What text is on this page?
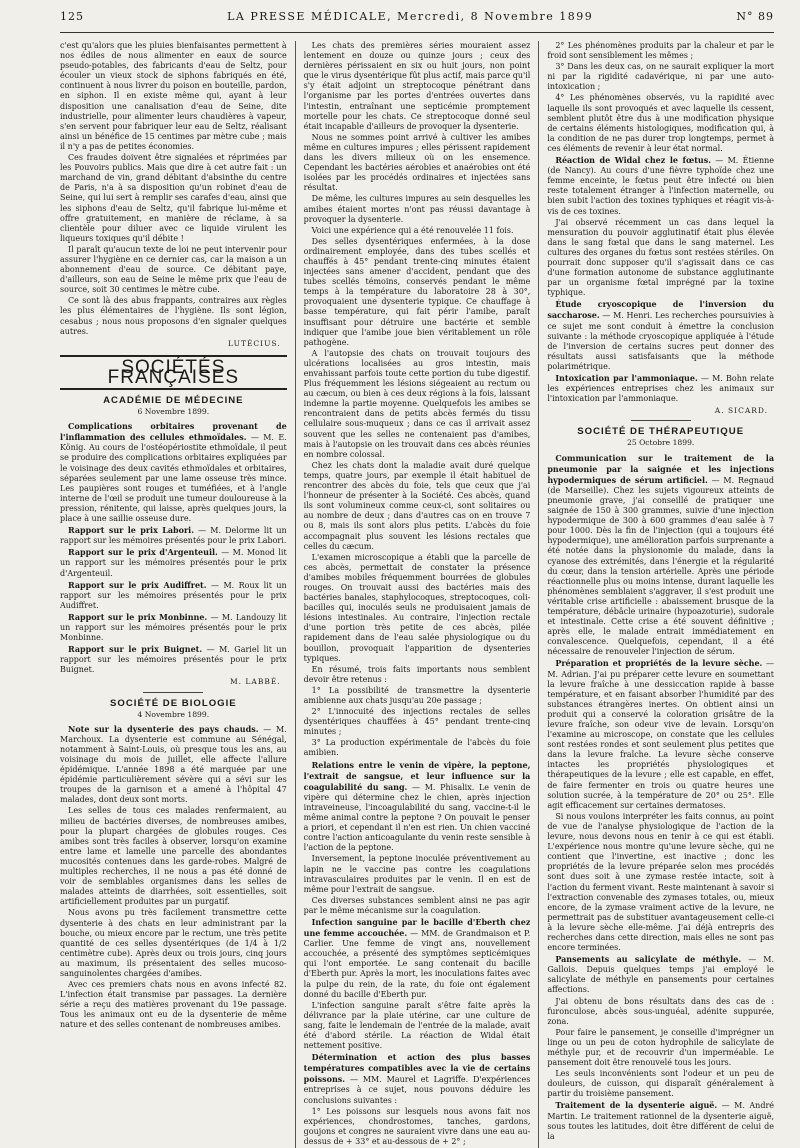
125	LA PRESSE MÉDICALE, Mercredi, 8 Novembre 1899	N° 89

c'est qu'alors que les pluies bienfaisantes permettent à nos édiles de nous alimenter en eaux de source pseudo-potables, des fabricants d'eau de Seltz, pour écouler un vieux stock de siphons fabriqués en été, continuent à nous livrer du poison en bouteille, pardon, en siphon. Il en existe même qui, ayant à leur disposition une canalisation d'eau de Seine, dite industrielle, pour alimenter leurs chaudières à vapeur, s'en servent pour fabriquer leur eau de Seltz, réalisant ainsi un bénéfice de 15 centimes par mètre cube ; mais il n'y a pas de petites économies.

Ces fraudes doivent être signalées et réprimées par les Pouvoirs publics. Mais que dire à cet autre fait : un marchand de vin, grand débitant d'absinthe du centre de Paris, n'a à sa disposition qu'un robinet d'eau de Seine, qui lui sert à remplir ses carafes d'eau, ainsi que les siphons d'eau de Seltz, qu'il fabrique lui-même et offre gratuitement, en manière de réclame, à sa clientèle pour diluer avec ce liquide virulent les liqueurs toxiques qu'il débite !

Il paraît qu'aucun texte de loi ne peut intervenir pour assurer l'hygiène en ce dernier cas, car la maison a un abonnement d'eau de source. Ce débitant paye, d'ailleurs, son eau de Seine le même prix que l'eau de source, soit 30 centimes le mètre cube.

Ce sont là des abus frappants, contraires aux règles les plus élémentaires de l'hygiène. Ils sont légion, cesabus ; nous nous proposons d'en signaler quelques autres.

LUTÉCIUS.

SOCIÉTÉS FRANÇAISES
ACADÉMIE DE MÉDECINE
6 Novembre 1899.

Complications orbitaires provenant de l'inflammation des cellules ethmoïdales. — M. E. König. Au cours de l'ostéopériostite ethmoïdale, il peut se produire des complications orbitaires expliquées par le voisinage des deux cavités ethmoïdales et orbitaires, séparées seulement par une lame osseuse très mince. Les paupières sont rouges et tuméfiées, et à l'angle interne de l'œil se produit une tumeur douloureuse à la pression, rénitente, qui laisse, après quelques jours, la place à une saillie osseuse dure.

Rapport sur le prix Labori. — M. Delorme lit un rapport sur les mémoires présentés pour le prix Labori.

Rapport sur le prix d'Argenteuil. — M. Monod lit un rapport sur les mémoires présentés pour le prix d'Argenteuil.

Rapport sur le prix Audiffret. — M. Roux lit un rapport sur les mémoires présentés pour le prix Audiffret.

Rapport sur le prix Monbinne. — M. Landouzy lit un rapport sur les mémoires présentés pour le prix Monbinne.

Rapport sur le prix Buignet. — M. Gariel lit un rapport sur les mémoires présentés pour le prix Buignet.

M. LABBÉ.

SOCIÉTÉ DE BIOLOGIE
4 Novembre 1899.

Note sur la dysenterie des pays chauds. — M. Marchoux. La dysenterie est commune au Sénégal, notamment à Saint-Louis, où presque tous les ans, au voisinage du mois de juillet, elle affecte l'allure épidémique. L'année 1898 a été marquée par une épidémie particulièrement sévère qui a sévi sur les troupes de la garnison et a amené à l'hôpital 47 malades, dont deux sont morts.

Les selles de tous ces malades renfermaient, au milieu de bactéries diverses, de nombreuses amibes, pour la plupart chargées de globules rouges. Ces amibes sont très faciles à observer, lorsqu'on examine entre lame et lamelle une parcelle des abondantes mucosités contenues dans les garde-robes. Malgré de multiples recherches, il ne nous a pas été donné de voir de semblables organismes dans les selles de malades atteints de diarrhées, soit essentielles, soit artificiellement produites par un purgatif.

Nous avons pu très facilement transmettre cette dysenterie à des chats en leur administrant par la bouche, ou mieux encore par le rectum, une très petite quantité de ces selles dysentériques (de 1/4 à 1/2 centimètre cube). Après deux ou trois jours, cinq jours au maximum, ils présentaient des selles mucoso-sanguinolentes chargées d'amibes.

Avec ces premiers chats nous en avons infecté 82. L'infection était transmise par passages. La dernière série a reçu des matières provenant du 19e passage. Tous les animaux ont eu de la dysenterie de même nature et des selles contenant de nombreuses amibes.

Les chats des premières séries mouraient assez lentement en douze ou quinze jours ; ceux des dernières périssaient en six ou huit jours, non point que le virus dysentérique fût plus actif, mais parce qu'il s'y était adjoint un streptocoque pénétrant dans l'organisme par les portes d'entrées ouvertes dans l'intestin, entraînant une septicémie promptement mortelle pour les chats. Ce streptocoque donné seul était incapable d'ailleurs de provoquer la dysenterie.

Nous ne sommes point arrivé à cultiver les amibes même en cultures impures ; elles périssent rapidement dans les divers milieux où on les ensemence. Cependant les bactéries aérobies et anaérobies ont été isolées par les procédés ordinaires et injectées sans résultat.

De même, les cultures impures au sein desquelles les amibes étaient mortes n'ont pas réussi davantage à provoquer la dysenterie.

Voici une expérience qui a été renouvelée 11 fois.

Des selles dysentériques enfermées, à la dose ordinairement employée, dans des tubes scellés et chauffés à 45° pendant trente-cinq minutes étaient injectées sans amener d'accident, pendant que des tubes scellés témoins, conservés pendant le même temps à la température du laboratoire 28 à 30°, provoquaient une dysenterie typique. Ce chauffage à basse température, qui fait périr l'amibe, paraît insuffisant pour détruire une bactérie et semble indiquer que l'amibe joue bien véritablement un rôle pathogène.

A l'autopsie des chats on trouvait toujours des ulcérations localisées au gros intestin, mais envahissant parfois toute cette portion du tube digestif. Plus fréquemment les lésions siégeaient au rectum ou au cæcum, ou bien à ces deux régions à la fois, laissant indemne la partie moyenne. Quelquefois les amibes se rencontraient dans de petits abcès fermés du tissu cellulaire sous-muqueux ; dans ce cas il arrivait assez souvent que les selles ne contenaient pas d'amibes, mais à l'autopsie on les trouvait dans ces abcès réunies en nombre colossal.

Chez les chats dont la maladie avait duré quelque temps, quatre jours, par exemple il était habituel de rencontrer des abcès du foie, tels que ceux que j'ai l'honneur de présenter à la Société. Ces abcès, quand ils sont volumineux comme ceux-ci, sont solitaires ou au nombre de deux ; dans d'autres cas on en trouve 7 ou 8, mais ils sont alors plus petits. L'abcès du foie accompagnait plus souvent les lésions rectales que celles du cæcum.

L'examen microscopique a établi que la parcelle de ces abcès, permettait de constater la présence d'amibes mobiles fréquemment bourrées de globules rouges. On trouvait aussi des bactéries mais des bactéries banales, staphylocoques, streptocoques, coli-bacilles qui, inoculés seuls ne produisaient jamais de lésions intestinales. Au contraire, l'injection rectale d'une portion très petite de ces abcès, pilée rapidement dans de l'eau salée physiologique ou du bouillon, provoquait l'apparition de dysenteries typiques.

En résumé, trois faits importants nous semblent devoir être retenus :

1° La possibilité de transmettre la dysenterie amibienne aux chats jusqu'au 20e passage ;

2° L'innocuité des injections rectales de selles dysentériques chauffées à 45° pendant trente-cinq minutes ;

3° La production expérimentale de l'abcès du foie amibien.

Relations entre le venin de vipère, la peptone, l'extrait de sangsue, et leur influence sur la coagulabilité du sang. — M. Phisalix. Le venin de vipère qui détermine chez le chien, après injection intraveineuse, l'incoagulabilité du sang, vaccine-t-il le même animal contre la peptone ? On pouvait le penser a priori, et cependant il n'en est rien. Un chien vacciné contre l'action anticoagulante du venin reste sensible à l'action de la peptone.

Inversement, la peptone inoculée préventivement au lapin ne le vaccine pas contre les coagulations intravasculaires produites par le venin. Il en est de même pour l'extrait de sangsue.

Ces diverses substances semblent ainsi ne pas agir par le même mécanisme sur la coagulation.

Infection sanguine par le bacille d'Eberth chez une femme accouchée. — MM. de Grandmaison et P. Carlier. Une femme de vingt ans, nouvellement accouchée, a présenté des symptômes septicémiques qui l'ont emportée. Le sang contenait du bacille d'Eberth pur. Après la mort, les inoculations faites avec la pulpe du rein, de la rate, du foie ont également donné du bacille d'Eberth pur.

L'infection sanguine paraît s'être faite après la délivrance par la plaie utérine, car une culture de sang, faite le lendemain de l'entrée de la malade, avait été d'abord stérile. La réaction de Widal était nettement positive.

Détermination et action des plus basses températures compatibles avec la vie de certains poissons. — MM. Maurel et Lagriffe. D'expériences entreprises à ce sujet, nous pouvons déduire les conclusions suivantes :

1° Les poissons sur lesquels nous avons fait nos expériences, chondrostomes, tanches, gardons, goujons et congres ne sauraient vivre dans une eau au-dessus de + 33° et au-dessous de + 2° ;

2° Les phénomènes produits par la chaleur et par le froid sont sensiblement les mêmes ;

3° Dans les deux cas, on ne saurait expliquer la mort ni par la rigidité cadavérique, ni par une auto-intoxication ;

4° Les phénomènes observés, vu la rapidité avec laquelle ils sont provoqués et avec laquelle ils cessent, semblent plutôt être dus à une modification physique de certains éléments histologiques, modification qui, à la condition de ne pas durer trop longtemps, permet à ces éléments de revenir à leur état normal.

Réaction de Widal chez le fœtus. — M. Étienne (de Nancy). Au cours d'une fièvre typhoïde chez une femme enceinte, le fœtus peut être infecté ou bien reste totalement étranger à l'infection maternelle, ou bien subit l'action des toxines typhiques et réagit vis-à-vis de ces toxines.

J'ai observé récemment un cas dans lequel la mensuration du pouvoir agglutinatif était plus élevée dans le sang fœtal que dans le sang maternel. Les cultures des organes du fœtus sont restées stériles. On pourrait donc supposer qu'il s'agissait dans ce cas d'une formation autonome de substance agglutinante par un organisme fœtal imprégné par la toxine typhique.

Étude cryoscopique de l'inversion du saccharose. — M. Henri. Les recherches poursuivies à ce sujet me sont conduit à émettre la conclusion suivante : la méthode cryoscopique appliquée à l'étude de l'inversion de certains sucres peut donner des résultats aussi satisfaisants que la méthode polarimétrique.

Intoxication par l'ammoniaque. — M. Bohn relate les expériences entreprises chez les animaux sur l'intoxication par l'ammoniaque.

A. SICARD.

SOCIÉTÉ DE THÉRAPEUTIQUE
25 Octobre 1899.

Communication sur le traitement de la pneumonie par la saignée et les injections hypodermiques de sérum artificiel. — M. Regnaud (de Marseille). Chez les sujets vigoureux atteints de pneumonie grave, j'ai conseillé de pratiquer une saignée de 150 à 300 grammes, suivie d'une injection hypodermique de 300 à 600 grammes d'eau salée à 7 pour 1000. Dès la fin de l'injection (qui a toujours été hypodermique), une amélioration parfois surprenante a été notée dans la physionomie du malade, dans la cyanose des extrémités, dans l'énergie et la régularité du cœur, dans la tension artérielle. Après une période réactionnelle plus ou moins intense, durant laquelle les phénomènes semblaient s'aggraver, il s'est produit une véritable crise artificielle : abaissement brusque de la température, débâcle urinaire (hypoazoturie), sudorale et intestinale. Cette crise a été souvent définitive ; après elle, le malade entrait immédiatement en convalescence. Quelquefois, cependant, il a été nécessaire de renouveler l'injection de sérum.

Préparation et propriétés de la levure sèche. — M. Adrian. J'ai pu préparer cette levure en soumettant la levure fraîche à une dessiccation rapide à basse température, et en faisant absorber l'humidité par des substances étrangères inertes. On obtient ainsi un produit qui a conservé la coloration grisâtre de la levure fraîche, son odeur vive de levain. Lorsqu'on l'examine au microscope, on constate que les cellules sont restées rondes et sont seulement plus petites que dans la levure fraîche. La levure sèche conserve intactes les propriétés physiologiques et thérapeutiques de la levure ; elle est capable, en effet, de faire fermenter en trois ou quatre heures une solution sucrée, à la température de 20° ou 25°. Elle agit efficacement sur certaines dermatoses.

Si nous voulons interpréter les faits connus, au point de vue de l'analyse physiologique de l'action de la levure, nous devons nous en tenir à ce qui est établi. L'expérience nous montre qu'une levure sèche, qui ne contient que l'invertine, est inactive ; donc les propriétés de la levure préparée selon mes procédés sont dues soit à une zymase restée intacte, soit à l'action du ferment vivant. Reste maintenant à savoir si l'extraction convenable des zymases totales, ou, mieux encore, de la zymase vraiment active de la levure, ne permettrait pas de substituer avantageusement celle-ci à la levure sèche elle-même. J'ai déjà entrepris des recherches dans cette direction, mais elles ne sont pas encore terminées.

Pansements au salicylate de méthyle. — M. Gallois. Depuis quelques temps j'ai employé le salicylate de méthyle en pansements pour certaines affections.

J'ai obtenu de bons résultats dans des cas de : furonculose, abcès sous-unguéal, adénite suppurée, zona.

Pour faire le pansement, je conseille d'imprégner un linge ou un peu de coton hydrophile de salicylate de méthyle pur, et de recouvrir d'un imperméable. Le pansement doit être renouvelé tous les jours.

Les seuls inconvénients sont l'odeur et un peu de douleurs, de cuisson, qui disparaît généralement à partir du troisième pansement.

Traitement de la dysenterie aiguë. — M. André Martin. Le traitement rationnel de la dysenterie aiguë, sous toutes les latitudes, doit être différent de celui de la
